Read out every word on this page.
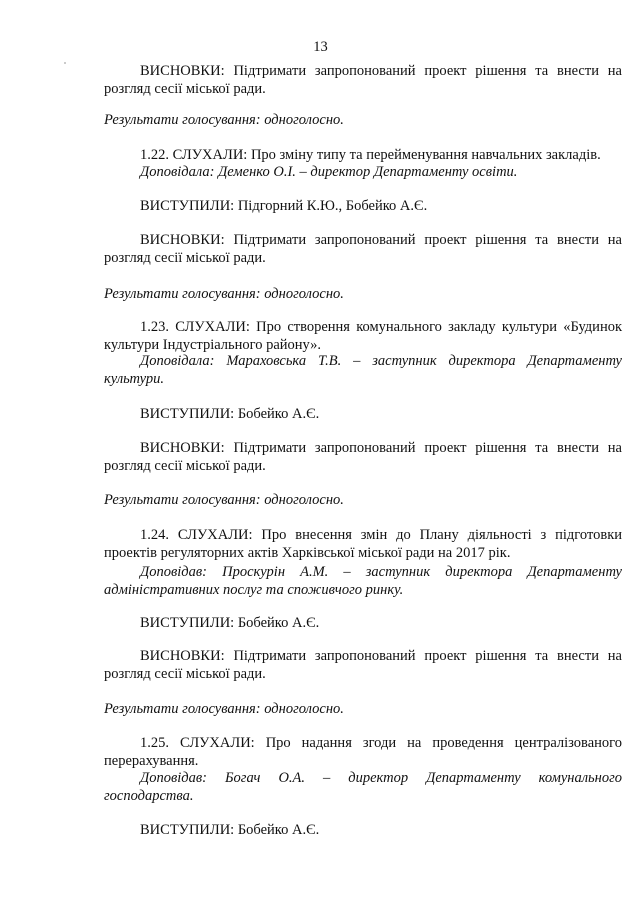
13
ВИСНОВКИ: Підтримати запропонований проект рішення та внести на розгляд сесії міської ради.
Результати голосування: одноголосно.
1.22. СЛУХАЛИ: Про зміну типу та перейменування навчальних закладів.
Доповідала: Деменко О.І. – директор Департаменту освіти.
ВИСТУПИЛИ: Підгорний К.Ю., Бобейко А.Є.
ВИСНОВКИ: Підтримати запропонований проект рішення та внести на розгляд сесії міської ради.
Результати голосування: одноголосно.
1.23. СЛУХАЛИ: Про створення комунального закладу культури «Будинок культури Індустріального району».
Доповідала: Мараховська Т.В. – заступник директора Департаменту культури.
ВИСТУПИЛИ: Бобейко А.Є.
ВИСНОВКИ: Підтримати запропонований проект рішення та внести на розгляд сесії міської ради.
Результати голосування: одноголосно.
1.24. СЛУХАЛИ: Про внесення змін до Плану діяльності з підготовки проектів регуляторних актів Харківської міської ради на 2017 рік.
Доповідав: Проскурін А.М. – заступник директора Департаменту адміністративних послуг та споживчого ринку.
ВИСТУПИЛИ: Бобейко А.Є.
ВИСНОВКИ: Підтримати запропонований проект рішення та внести на розгляд сесії міської ради.
Результати голосування: одноголосно.
1.25. СЛУХАЛИ: Про надання згоди на проведення централізованого перерахування.
Доповідав: Богач О.А. – директор Департаменту комунального господарства.
ВИСТУПИЛИ: Бобейко А.Є.
